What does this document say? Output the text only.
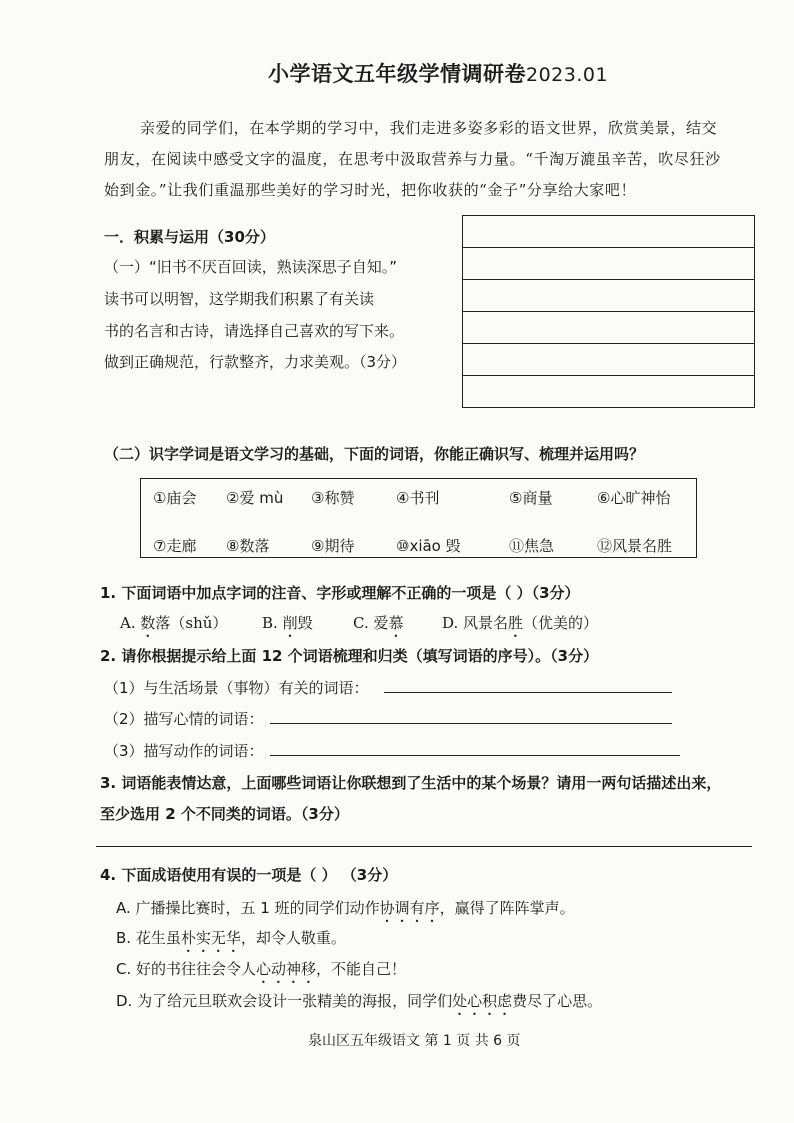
小学语文五年级学情调研卷2023.01
亲爱的同学们，在本学期的学习中，我们走进多姿多彩的语文世界，欣赏美景，结交
朋友，在阅读中感受文字的温度，在思考中汲取营养与力量。“千淘万漉虽辛苦，吹尽狂沙
始到金。”让我们重温那些美好的学习时光，把你收获的“金子”分享给大家吧！
一．积累与运用（30分）
（一）“旧书不厌百回读，熟读深思子自知。”
读书可以明智，这学期我们积累了有关读
书的名言和古诗，请选择自己喜欢的写下来。
做到正确规范，行款整齐，力求美观。（3分）
（二）识字学词是语文学习的基础，下面的词语，你能正确识写、梳理并运用吗？
①庙会 ②爱 mù ③称赞	④书刊	⑤商量	⑥心旷神怡
⑦走廊 ⑧数落	⑨期待	⑩xiāo 毁	⑪焦急	⑫风景名胜
1. 下面词语中加点字词的注音、字形或理解不正确的一项是（ ）（3分）
A. 数落（shǔ） B. 削毁	C. 爱慕	D. 风景名胜（优美的）
2. 请你根据提示给上面 12 个词语梳理和归类（填写词语的序号）。（3分）
（1）与生活场景（事物）有关的词语：
（2）描写心情的词语：
（3）描写动作的词语：
3. 词语能表情达意，上面哪些词语让你联想到了生活中的某个场景？请用一两句话描述出来，
至少选用 2 个不同类的词语。（3分）
4. 下面成语使用有误的一项是（ ） （3分）
A. 广播操比赛时，五 1 班的同学们动作协调有序，赢得了阵阵掌声。
B. 花生虽朴实无华，却令人敬重。
C. 好的书往往会令人心动神移，不能自己！
D. 为了给元旦联欢会设计一张精美的海报，同学们处心积虑费尽了心思。
泉山区五年级语文 第 1 页 共 6 页
